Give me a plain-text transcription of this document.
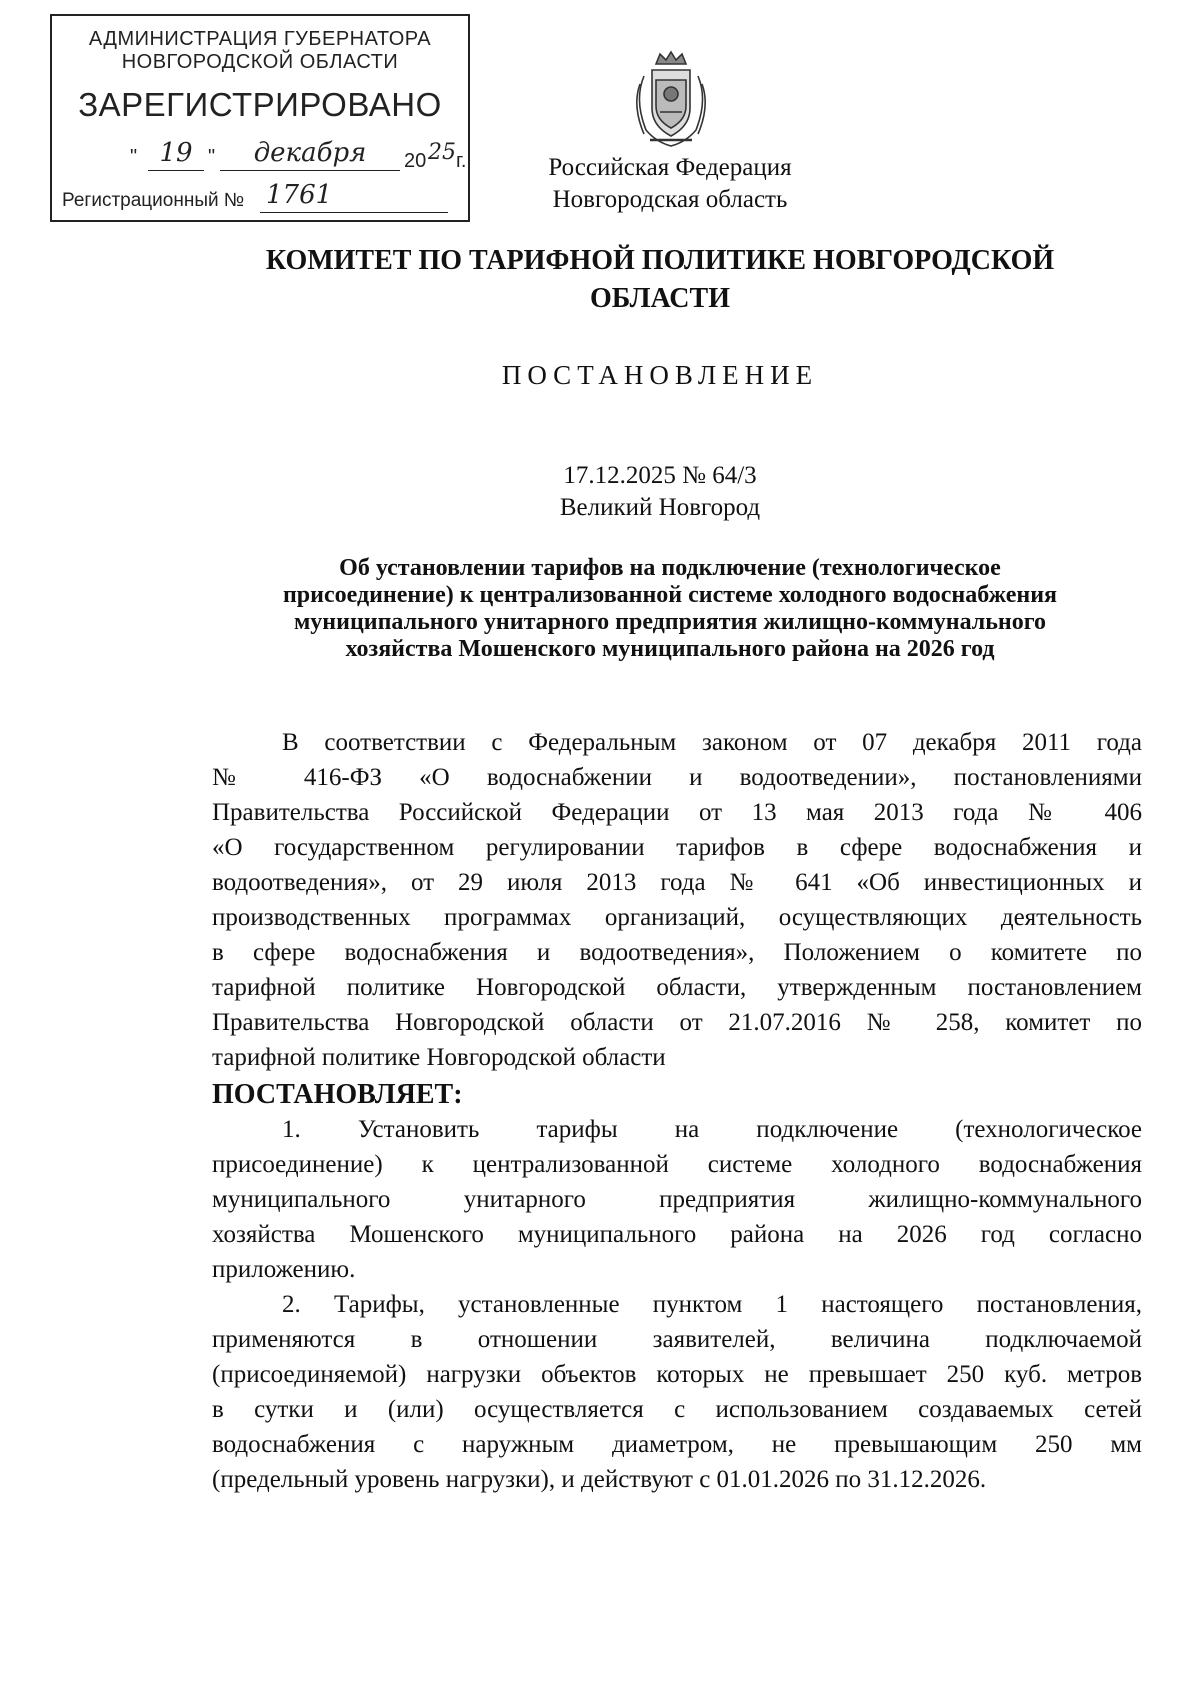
АДМИНИСТРАЦИЯ ГУБЕРНАТОРА
НОВГОРОДСКОЙ ОБЛАСТИ
ЗАРЕГИСТРИРОВАНО
" 19 "	декабря	20 25 г.
Регистрационный № 1761
Российская Федерация
Новгородская область
КОМИТЕТ ПО ТАРИФНОЙ ПОЛИТИКЕ НОВГОРОДСКОЙ
ОБЛАСТИ
ПОСТАНОВЛЕНИЕ
17.12.2025 № 64/3
Великий Новгород
Об установлении тарифов на подключение (технологическое
присоединение) к централизованной системе холодного водоснабжения
муниципального унитарного предприятия жилищно-коммунального
хозяйства Мошенского муниципального района на 2026 год

В соответствии с Федеральным законом от 07 декабря 2011 года

№ 416-ФЗ «О водоснабжении и водоотведении», постановлениями

Правительства Российской Федерации от 13 мая 2013 года № 406

«О государственном регулировании тарифов в сфере водоснабжения и

водоотведения», от 29 июля 2013 года № 641 «Об инвестиционных и

производственных программах организаций, осуществляющих деятельность

в сфере водоснабжения и водоотведения», Положением о комитете по

тарифной политике Новгородской области, утвержденным постановлением

Правительства Новгородской области от 21.07.2016 № 258, комитет по

тарифной политике Новгородской области

ПОСТАНОВЛЯЕТ:

1. Установить тарифы на подключение (технологическое

присоединение) к централизованной системе холодного водоснабжения

муниципального унитарного предприятия жилищно-коммунального

хозяйства Мошенского муниципального района на 2026 год согласно

приложению.

2. Тарифы, установленные пунктом 1 настоящего постановления,

применяются в отношении заявителей, величина подключаемой

(присоединяемой) нагрузки объектов которых не превышает 250 куб. метров

в сутки и (или) осуществляется с использованием создаваемых сетей

водоснабжения с наружным диаметром, не превышающим 250 мм

(предельный уровень нагрузки), и действуют с 01.01.2026 по 31.12.2026.
